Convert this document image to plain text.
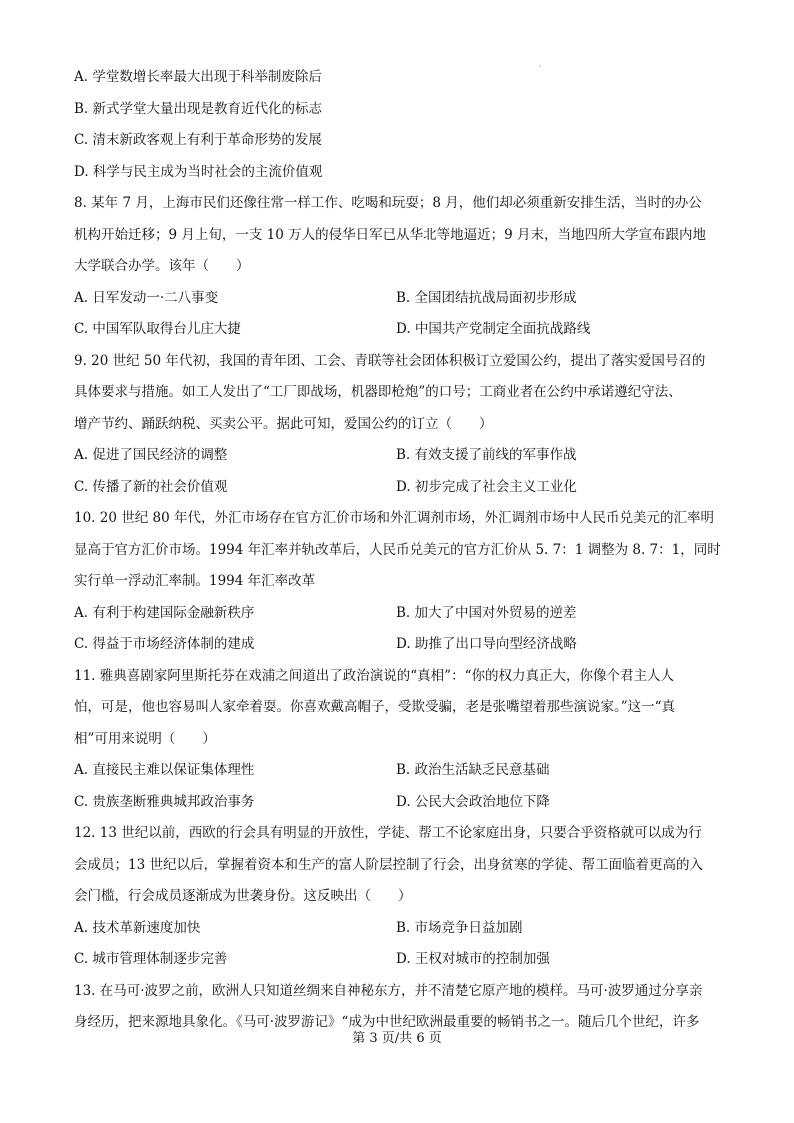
·
A. 学堂数增长率最大出现于科举制废除后
B. 新式学堂大量出现是教育近代化的标志
C. 清末新政客观上有利于革命形势的发展
D. 科学与民主成为当时社会的主流价值观
8. 某年 7 月，上海市民们还像往常一样工作、吃喝和玩耍；8 月，他们却必须重新安排生活，当时的办公
机构开始迁移；9 月上旬，一支 10 万人的侵华日军已从华北等地逼近；9 月末，当地四所大学宣布跟内地
大学联合办学。该年（　　）
A. 日军发动一·二八事变	B. 全国团结抗战局面初步形成
C. 中国军队取得台儿庄大捷	D. 中国共产党制定全面抗战路线
9. 20 世纪 50 年代初，我国的青年团、工会、青联等社会团体积极订立爱国公约，提出了落实爱国号召的
具体要求与措施。如工人发出了“工厂即战场，机器即枪炮”的口号；工商业者在公约中承诺遵纪守法、
增产节约、踊跃纳税、买卖公平。据此可知，爱国公约的订立（　　）
A. 促进了国民经济的调整	B. 有效支援了前线的军事作战
C. 传播了新的社会价值观	D. 初步完成了社会主义工业化
10. 20 世纪 80 年代，外汇市场存在官方汇价市场和外汇调剂市场，外汇调剂市场中人民币兑美元的汇率明
显高于官方汇价市场。1994 年汇率并轨改革后，人民币兑美元的官方汇价从 5. 7：1 调整为 8. 7：1，同时
实行单一浮动汇率制。1994 年汇率改革
A. 有利于构建国际金融新秩序	B. 加大了中国对外贸易的逆差
C. 得益于市场经济体制的建成	D. 助推了出口导向型经济战略
11. 雅典喜剧家阿里斯托芬在戏浦之间道出了政治演说的“真相”：“你的权力真正大，你像个君主人人
怕，可是，他也容易叫人家牵着耍。你喜欢戴高帽子，受欺受骗，老是张嘴望着那些演说家。”这一“真
相”可用来说明（　　）
A. 直接民主难以保证集体理性	B. 政治生活缺乏民意基础
C. 贵族垄断雅典城邦政治事务	D. 公民大会政治地位下降
12. 13 世纪以前，西欧的行会具有明显的开放性，学徒、帮工不论家庭出身，只要合乎资格就可以成为行
会成员；13 世纪以后，掌握着资本和生产的富人阶层控制了行会，出身贫寒的学徒、帮工面临着更高的入
会门槛，行会成员逐渐成为世袭身份。这反映出（　　）
A. 技术革新速度加快	B. 市场竞争日益加剧
C. 城市管理体制逐步完善	D. 王权对城市的控制加强
13. 在马可·波罗之前，欧洲人只知道丝绸来自神秘东方，并不清楚它原产地的模样。马可·波罗通过分享亲
身经历，把来源地具象化。《马可·波罗游记》“成为中世纪欧洲最重要的畅销书之一。随后几个世纪，许多
第 3 页/共 6 页
